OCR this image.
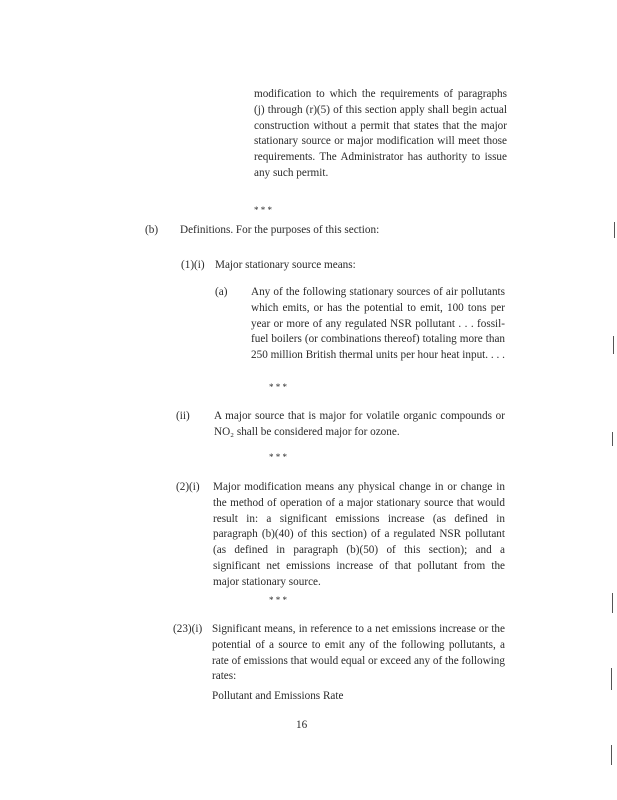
modification to which the requirements of paragraphs (j) through (r)(5) of this section apply shall begin actual construction without a permit that states that the major stationary source or major modification will meet those requirements. The Administrator has authority to issue any such permit.

* * *
(b) Definitions. For the purposes of this section:
(1)(i) Major stationary source means:
(a) Any of the following stationary sources of air pollutants which emits, or has the potential to emit, 100 tons per year or more of any regulated NSR pollutant . . . fossil-fuel boilers (or combinations thereof) totaling more than 250 million British thermal units per hour heat input. . . .

* * *
(ii) A major source that is major for volatile organic compounds or NO₂ shall be considered major for ozone.

* * *
(2)(i) Major modification means any physical change in or change in the method of operation of a major stationary source that would result in: a significant emissions increase (as defined in paragraph (b)(40) of this section) of a regulated NSR pollutant (as defined in paragraph (b)(50) of this section); and a significant net emissions increase of that pollutant from the major stationary source.

* * *
(23)(i) Significant means, in reference to a net emissions increase or the potential of a source to emit any of the following pollutants, a rate of emissions that would equal or exceed any of the following rates:

Pollutant and Emissions Rate
16
